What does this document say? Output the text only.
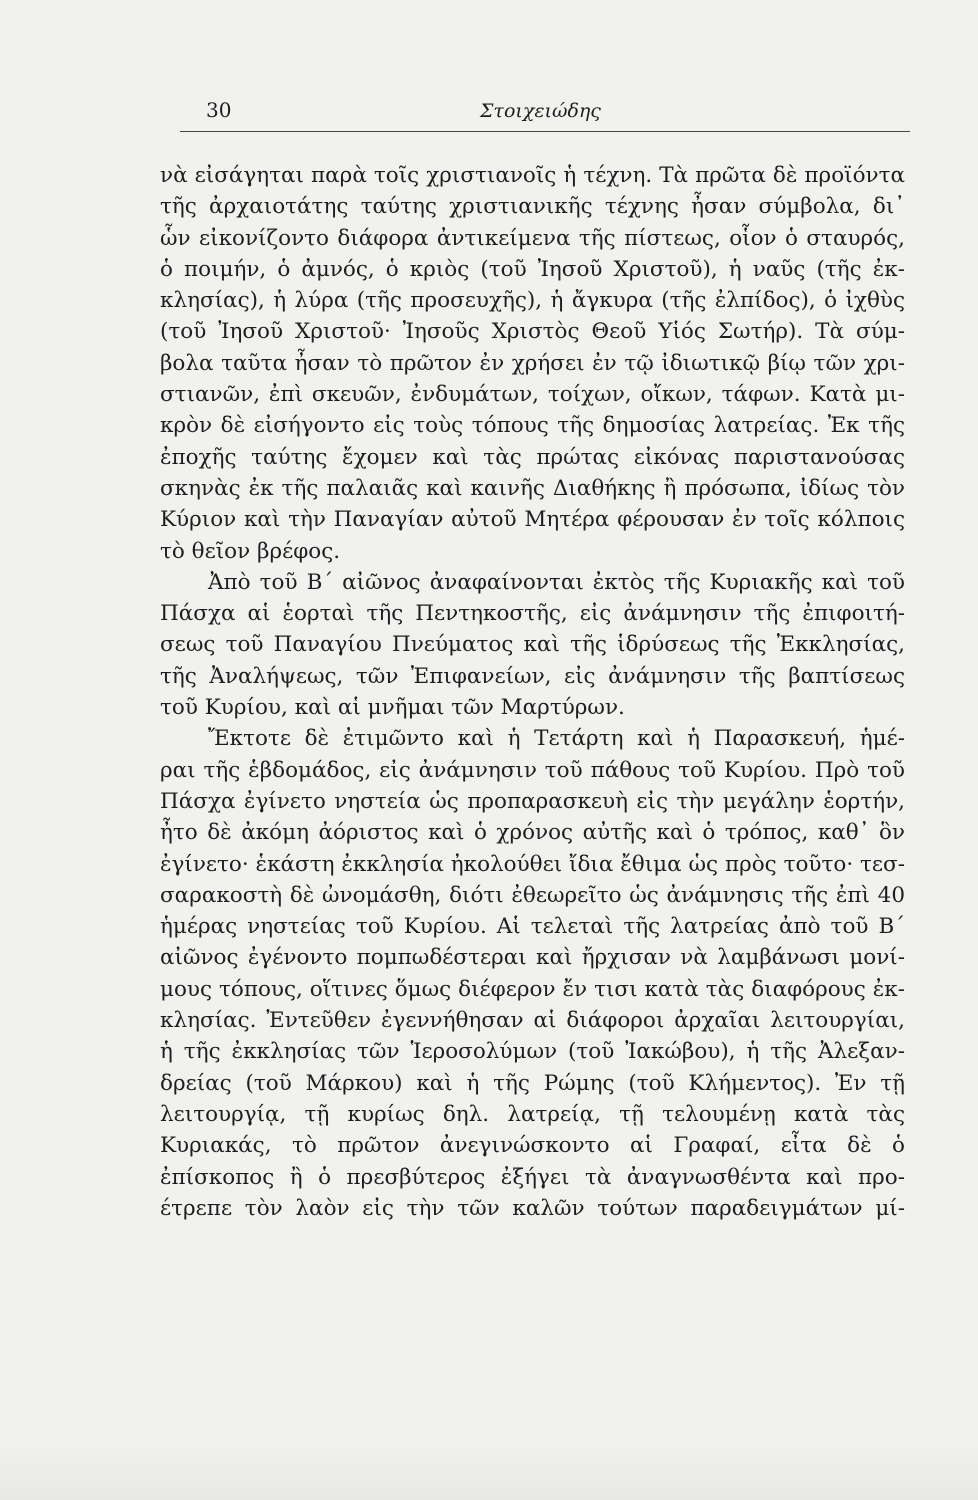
30	Στοιχειώδης
νὰ εἰσάγηται παρὰ τοῖς χριστιανοῖς ἡ τέχνη. Τὰ πρῶτα δὲ προϊόντα
τῆς ἀρχαιοτάτης ταύτης χριστιανικῆς τέχνης ἦσαν σύμβολα, δι᾽
ὧν εἰκονίζοντο διάφορα ἀντικείμενα τῆς πίστεως, οἷον ὁ σταυρός,
ὁ ποιμήν, ὁ ἀμνός, ὁ κριὸς (τοῦ Ἰησοῦ Χριστοῦ), ἡ ναῦς (τῆς ἐκ-
κλησίας), ἡ λύρα (τῆς προσευχῆς), ἡ ἄγκυρα (τῆς ἐλπίδος), ὁ ἰχθὺς
(τοῦ Ἰησοῦ Χριστοῦ· Ἰησοῦς Χριστὸς Θεοῦ Υἱός Σωτήρ). Τὰ σύμ-
βολα ταῦτα ἦσαν τὸ πρῶτον ἐν χρήσει ἐν τῷ ἰδιωτικῷ βίῳ τῶν χρι-
στιανῶν, ἐπὶ σκευῶν, ἐνδυμάτων, τοίχων, οἴκων, τάφων. Κατὰ μι-
κρὸν δὲ εἰσήγοντο εἰς τοὺς τόπους τῆς δημοσίας λατρείας. Ἐκ τῆς
ἐποχῆς ταύτης ἔχομεν καὶ τὰς πρώτας εἰκόνας παριστανούσας
σκηνὰς ἐκ τῆς παλαιᾶς καὶ καινῆς Διαθήκης ἢ πρόσωπα, ἰδίως τὸν
Κύριον καὶ τὴν Παναγίαν αὐτοῦ Μητέρα φέρουσαν ἐν τοῖς κόλποις
τὸ θεῖον βρέφος.
Ἀπὸ τοῦ Β΄ αἰῶνος ἀναφαίνονται ἐκτὸς τῆς Κυριακῆς καὶ τοῦ
Πάσχα αἱ ἑορταὶ τῆς Πεντηκοστῆς, εἰς ἀνάμνησιν τῆς ἐπιφοιτή-
σεως τοῦ Παναγίου Πνεύματος καὶ τῆς ἱδρύσεως τῆς Ἐκκλησίας,
τῆς Ἀναλήψεως, τῶν Ἐπιφανείων, εἰς ἀνάμνησιν τῆς βαπτίσεως
τοῦ Κυρίου, καὶ αἱ μνῆμαι τῶν Μαρτύρων.
Ἔκτοτε δὲ ἐτιμῶντο καὶ ἡ Τετάρτη καὶ ἡ Παρασκευή, ἡμέ-
ραι τῆς ἑβδομάδος, εἰς ἀνάμνησιν τοῦ πάθους τοῦ Κυρίου. Πρὸ τοῦ
Πάσχα ἐγίνετο νηστεία ὡς προπαρασκευὴ εἰς τὴν μεγάλην ἑορτήν,
ἦτο δὲ ἀκόμη ἀόριστος καὶ ὁ χρόνος αὐτῆς καὶ ὁ τρόπος, καθ᾽ ὃν
ἐγίνετο· ἑκάστη ἐκκλησία ἠκολούθει ἴδια ἔθιμα ὡς πρὸς τοῦτο· τεσ-
σαρακοστὴ δὲ ὠνομάσθη, διότι ἐθεωρεῖτο ὡς ἀνάμνησις τῆς ἐπὶ 40
ἡμέρας νηστείας τοῦ Κυρίου. Αἱ τελεταὶ τῆς λατρείας ἀπὸ τοῦ Β΄
αἰῶνος ἐγένοντο πομπωδέστεραι καὶ ἤρχισαν νὰ λαμβάνωσι μονί-
μους τόπους, οἵτινες ὅμως διέφερον ἔν τισι κατὰ τὰς διαφόρους ἐκ-
κλησίας. Ἐντεῦθεν ἐγεννήθησαν αἱ διάφοροι ἀρχαῖαι λειτουργίαι,
ἡ τῆς ἐκκλησίας τῶν Ἱεροσολύμων (τοῦ Ἰακώβου), ἡ τῆς Ἀλεξαν-
δρείας (τοῦ Μάρκου) καὶ ἡ τῆς Ρώμης (τοῦ Κλήμεντος). Ἐν τῇ
λειτουργίᾳ, τῇ κυρίως δηλ. λατρείᾳ, τῇ τελουμένῃ κατὰ τὰς
Κυριακάς, τὸ πρῶτον ἀνεγινώσκοντο αἱ Γραφαί, εἶτα δὲ ὁ
ἐπίσκοπος ἢ ὁ πρεσβύτερος ἐξήγει τὰ ἀναγνωσθέντα καὶ προ-
έτρεπε τὸν λαὸν εἰς τὴν τῶν καλῶν τούτων παραδειγμάτων μί-
